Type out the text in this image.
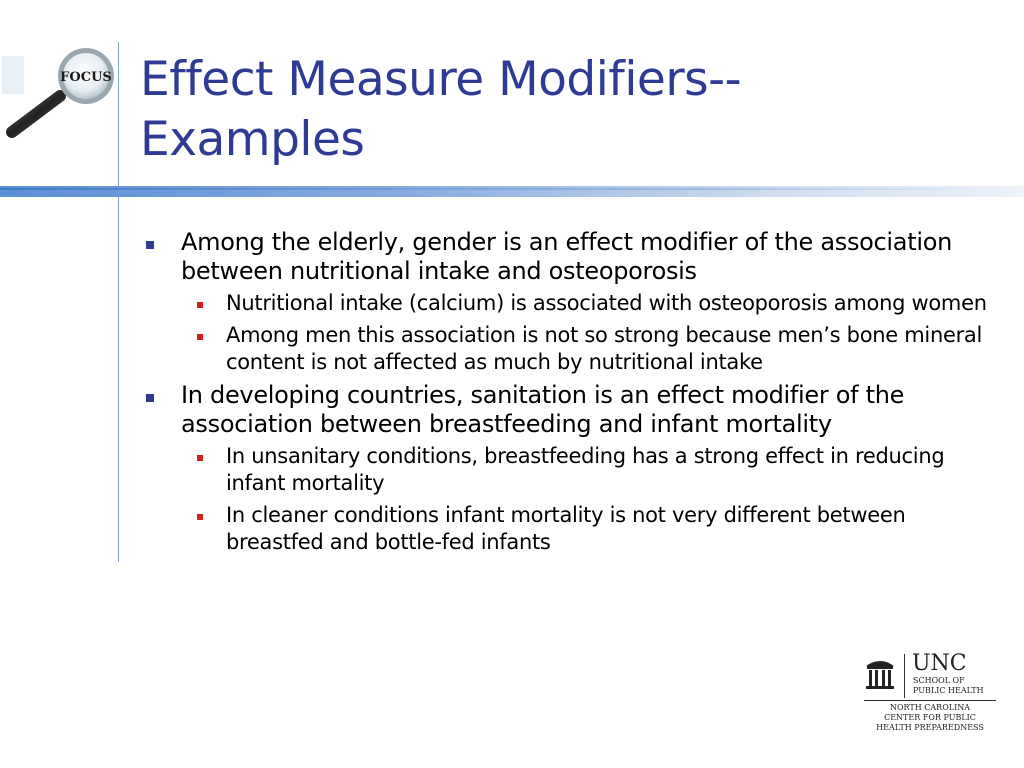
FOCUS Effect Measure Modifiers--
Examples
Among the elderly, gender is an effect modifier of the association between nutritional intake and osteoporosis
Nutritional intake (calcium) is associated with osteoporosis among women
Among men this association is not so strong because men’s bone mineral content is not affected as much by nutritional intake
In developing countries, sanitation is an effect modifier of the association between breastfeeding and infant mortality
In unsanitary conditions, breastfeeding has a strong effect in reducing infant mortality
In cleaner conditions infant mortality is not very different between breastfed and bottle-fed infants
UNC
SCHOOL OF
PUBLIC HEALTH
NORTH CAROLINA
CENTER FOR PUBLIC
HEALTH PREPAREDNESS
